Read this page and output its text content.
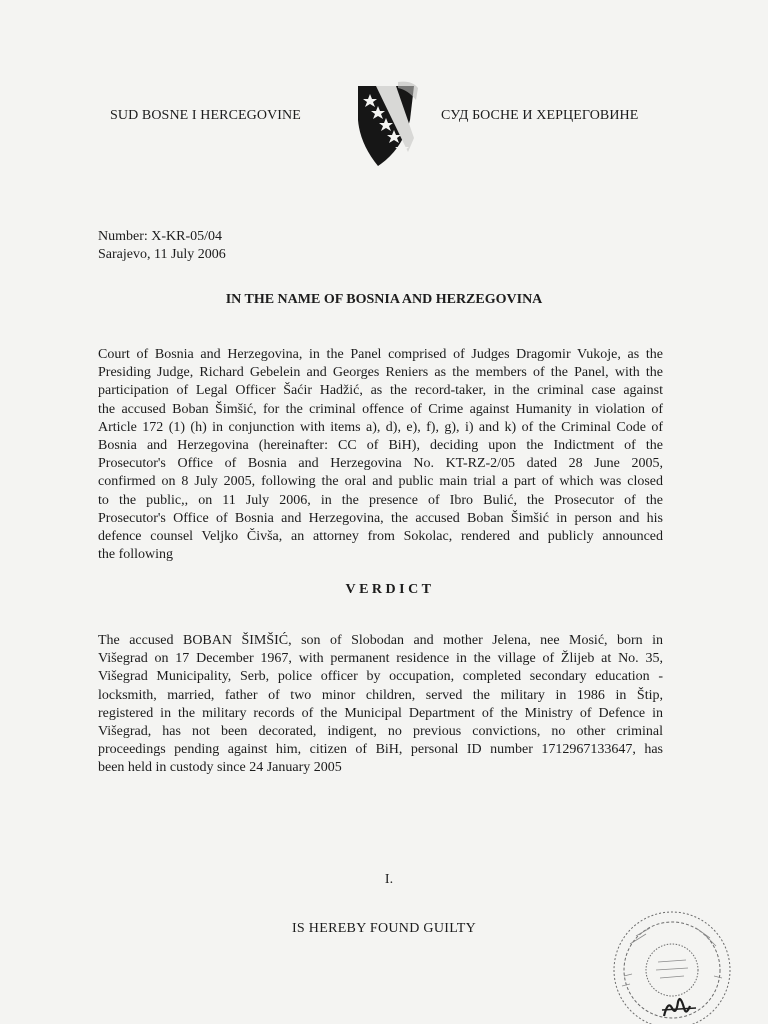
SUD BOSNE I HERCEGOVINE	СУД БОСНЕ И ХЕРЦЕГОВИНЕ
Number: X-KR-05/04
Sarajevo, 11 July 2006
IN THE NAME OF BOSNIA AND HERZEGOVINA
Court of Bosnia and Herzegovina, in the Panel comprised of Judges Dragomir Vukoje, as the
Presiding Judge, Richard Gebelein and Georges Reniers as the members of the Panel, with the
participation of Legal Officer Šaćir Hadžić, as the record-taker, in the criminal case against
the accused Boban Šimšić, for the criminal offence of Crime against Humanity in violation of
Article 172 (1) (h) in conjunction with items a), d), e), f), g), i) and k) of the Criminal Code of
Bosnia and Herzegovina (hereinafter: CC of BiH), deciding upon the Indictment of the
Prosecutor's Office of Bosnia and Herzegovina No. KT-RZ-2/05 dated 28 June 2005,
confirmed on 8 July 2005, following the oral and public main trial a part of which was closed
to the public,, on 11 July 2006, in the presence of Ibro Bulić, the Prosecutor of the
Prosecutor's Office of Bosnia and Herzegovina, the accused Boban Šimšić in person and his
defence counsel Veljko Čivša, an attorney from Sokolac, rendered and publicly announced
the following
VERDICT
The accused BOBAN ŠIMŠIĆ, son of Slobodan and mother Jelena, nee Mosić, born in
Višegrad on 17 December 1967, with permanent residence in the village of Žlijeb at No. 35,
Višegrad Municipality, Serb, police officer by occupation, completed secondary education -
locksmith, married, father of two minor children, served the military in 1986 in Štip,
registered in the military records of the Municipal Department of the Ministry of Defence in
Višegrad, has not been decorated, indigent, no previous convictions, no other criminal
proceedings pending against him, citizen of BiH, personal ID number 1712967133647, has
been held in custody since 24 January 2005
I.
IS HEREBY FOUND GUILTY
